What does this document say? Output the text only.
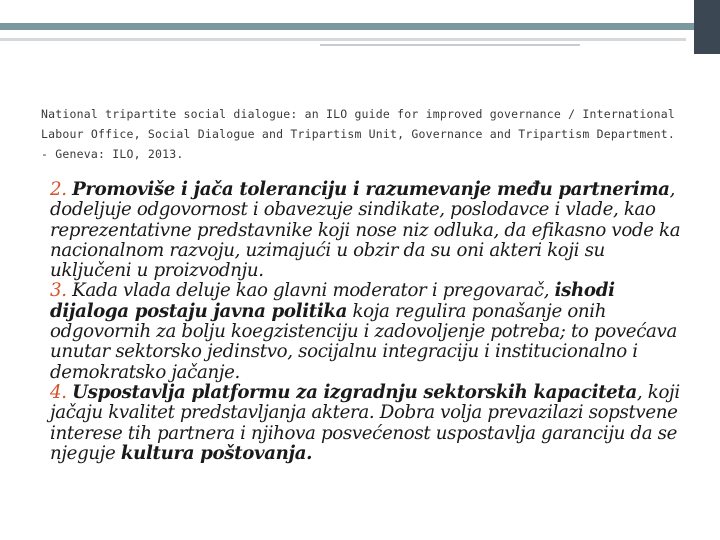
National tripartite social dialogue: an ILO guide for improved governance / International Labour Office, Social Dialogue and Tripartism Unit, Governance and Tripartism Department. - Geneva: ILO, 2013.

2. Promoviše i jača toleranciju i razumevanje među partnerima, dodeljuje odgovornost i obavezuje sindikate, poslodavce i vlade, kao reprezentativne predstavnike koji nose niz odluka, da efikasno vode ka nacionalnom razvoju, uzimajući u obzir da su oni akteri koji su uključeni u proizvodnju.

3. Kada vlada deluje kao glavni moderator i pregovarač, ishodi dijaloga postaju javna politika koja regulira ponašanje onih odgovornih za bolju koegzistenciju i zadovoljenje potreba; to povećava unutar sektorsko jedinstvo, socijalnu integraciju i institucionalno i demokratsko jačanje.

4. Uspostavlja platformu za izgradnju sektorskih kapaciteta, koji jačaju kvalitet predstavljanja aktera. Dobra volja prevazilazi sopstvene interese tih partnera i njihova posvećenost uspostavlja garanciju da se njeguje kultura poštovanja.
